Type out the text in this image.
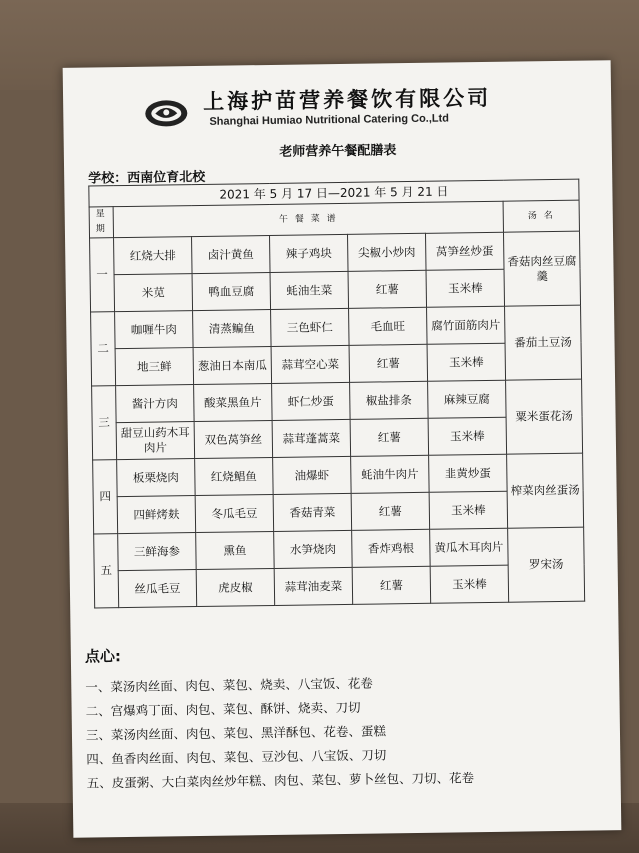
上海护苗营养餐饮有限公司
Shanghai Humiao Nutritional Catering Co.,Ltd
老师营养午餐配膳表
学校：西南位育北校
2021 年 5 月 17 日—2021 年 5 月 21 日						
星期	午 餐 菜 谱					汤 名
一	红烧大排	卤汁黄鱼	辣子鸡块	尖椒小炒肉	莴笋丝炒蛋	香菇肉丝豆腐羹
	米苋	鸭血豆腐	蚝油生菜	红薯	玉米棒	
二	咖喱牛肉	清蒸鳊鱼	三色虾仁	毛血旺	腐竹面筋肉片	番茄土豆汤
	地三鲜	葱油日本南瓜	蒜茸空心菜	红薯	玉米棒	
三	酱汁方肉	酸菜黑鱼片	虾仁炒蛋	椒盐排条	麻辣豆腐	粟米蛋花汤
	甜豆山药木耳肉片	双色莴笋丝	蒜茸蓬蒿菜	红薯	玉米棒	
四	板栗烧肉	红烧鲳鱼	油爆虾	蚝油牛肉片	韭黄炒蛋	榨菜肉丝蛋汤
	四鲜烤麸	冬瓜毛豆	香菇青菜	红薯	玉米棒	
五	三鲜海参	熏鱼	水笋烧肉	香炸鸡根	黄瓜木耳肉片	罗宋汤
	丝瓜毛豆	虎皮椒	蒜茸油麦菜	红薯	玉米棒	
点心:
一、菜汤肉丝面、肉包、菜包、烧卖、八宝饭、花卷
二、宫爆鸡丁面、肉包、菜包、酥饼、烧卖、刀切
三、菜汤肉丝面、肉包、菜包、黑洋酥包、花卷、蛋糕
四、鱼香肉丝面、肉包、菜包、豆沙包、八宝饭、刀切
五、皮蛋粥、大白菜肉丝炒年糕、肉包、菜包、萝卜丝包、刀切、花卷
